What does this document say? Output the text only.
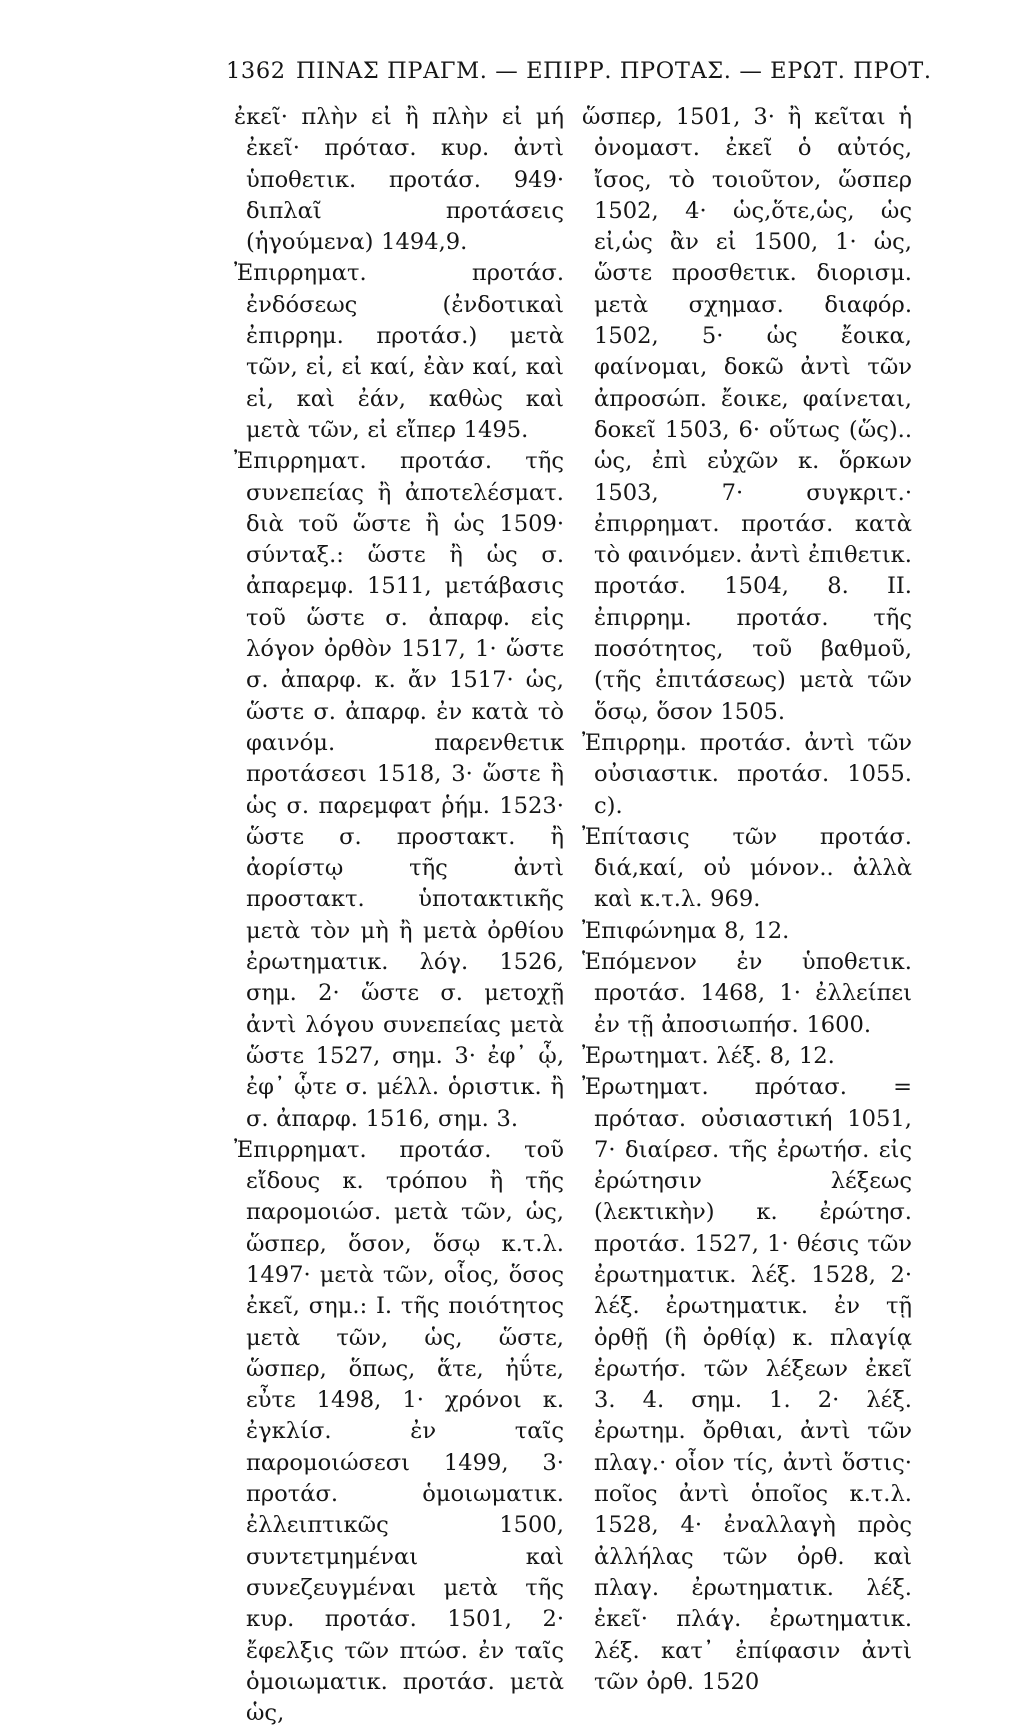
1362 ΠΙΝΑΣ ΠΡΑΓΜ. — ΕΠΙΡΡ. ΠΡΟΤΑΣ. — ΕΡΩΤ. ΠΡΟΤ.

ἐκεῖ· πλὴν εἰ ἢ πλὴν εἰ μή ἐκεῖ· πρότασ. κυρ. ἀντὶ ὑποθετικ. προτάσ. 949· διπλαῖ προτάσεις (ἡγούμενα) 1494,9.

Ἐπιρρηματ. προτάσ. ἐνδόσεως (ἐνδοτικαὶ ἐπιρρημ. προτάσ.) μετὰ τῶν, εἰ, εἰ καί, ἐὰν καί, καὶ εἰ, καὶ ἐάν, καθὼς καὶ μετὰ τῶν, εἰ εἴπερ 1495.

Ἐπιρρηματ. προτάσ. τῆς συνεπείας ἢ ἀποτελέσματ. διὰ τοῦ ὥστε ἢ ὡς 1509· σύνταξ.: ὥστε ἢ ὡς σ. ἀπαρεμφ. 1511, μετάβασις τοῦ ὥστε σ. ἀπαρφ. εἰς λόγον ὀρθὸν 1517, 1· ὥστε σ. ἀπαρφ. κ. ἄν 1517· ὡς, ὥστε σ. ἀπαρφ. ἐν κατὰ τὸ φαινόμ. παρενθετικ προτάσεσι 1518, 3· ὥστε ἢ ὡς σ. παρεμφατ ῥήμ. 1523· ὥστε σ. προστακτ. ἢ ἀορίστῳ τῆς ἀντὶ προστακτ. ὑποτακτικῆς μετὰ τὸν μὴ ἢ μετὰ ὀρθίου ἐρωτηματικ. λόγ. 1526, σημ. 2· ὥστε σ. μετοχῇ ἀντὶ λόγου συνεπείας μετὰ ὥστε 1527, σημ. 3· ἐφ᾽ ᾧ, ἐφ᾽ ᾧτε σ. μέλλ. ὁριστικ. ἢ σ. ἀπαρφ. 1516, σημ. 3.

Ἐπιρρηματ. προτάσ. τοῦ εἴδους κ. τρόπου ἢ τῆς παρομοιώσ. μετὰ τῶν, ὡς, ὥσπερ, ὅσον, ὅσῳ κ.τ.λ. 1497· μετὰ τῶν, οἷος, ὅσος ἐκεῖ, σημ.: I. τῆς ποιότητος μετὰ τῶν, ὡς, ὥστε, ὥσπερ, ὅπως, ἅτε, ἠΰτε, εὖτε 1498, 1· χρόνοι κ. ἐγκλίσ. ἐν ταῖς παρομοιώσεσι 1499, 3· προτάσ. ὁμοιωματικ. ἐλλειπτικῶς 1500, συντετμημέναι καὶ συνεζευγμέναι μετὰ τῆς κυρ. προτάσ. 1501, 2· ἔφελξις τῶν πτώσ. ἐν ταῖς ὁμοιωματικ. προτάσ. μετὰ ὡς,

ὥσπερ, 1501, 3· ἢ κεῖται ἡ ὀνομαστ. ἐκεῖ ὁ αὐτός, ἴσος, τὸ τοιοῦτον, ὥσπερ 1502, 4· ὡς,ὅτε,ὡς, ὡς εἰ,ὡς ἂν εἰ 1500, 1· ὡς, ὥστε προσθετικ. διορισμ. μετὰ σχημασ. διαφόρ. 1502, 5· ὡς ἔοικα, φαίνομαι, δοκῶ ἀντὶ τῶν ἀπροσώπ. ἔοικε, φαίνεται, δοκεῖ 1503, 6· οὕτως (ὥς).. ὡς, ἐπὶ εὐχῶν κ. ὅρκων 1503, 7· συγκριτ.· ἐπιρρηματ. προτάσ. κατὰ τὸ φαινόμεν. ἀντὶ ἐπιθετικ. προτάσ. 1504, 8. II. ἐπιρρημ. προτάσ. τῆς ποσότητος, τοῦ βαθμοῦ, (τῆς ἐπιτάσεως) μετὰ τῶν ὅσῳ, ὅσον 1505.

Ἐπιρρημ. προτάσ. ἀντὶ τῶν οὐσιαστικ. προτάσ. 1055. c).

Ἐπίτασις τῶν προτάσ. διά,καί, οὐ μόνον.. ἀλλὰ καὶ κ.τ.λ. 969.

Ἐπιφώνημα 8, 12.

Ἑπόμενον ἐν ὑποθετικ. προτάσ. 1468, 1· ἐλλείπει ἐν τῇ ἀποσιωπήσ. 1600.

Ἐρωτηματ. λέξ. 8, 12.

Ἐρωτηματ. πρότασ. = πρότασ. οὐσιαστική 1051, 7· διαίρεσ. τῆς ἐρωτήσ. εἰς ἐρώτησιν λέξεως (λεκτικὴν) κ. ἐρώτησ. προτάσ. 1527, 1· θέσις τῶν ἐρωτηματικ. λέξ. 1528, 2· λέξ. ἐρωτηματικ. ἐν τῇ ὀρθῇ (ἢ ὀρθίᾳ) κ. πλαγίᾳ ἐρωτήσ. τῶν λέξεων ἐκεῖ 3. 4. σημ. 1. 2· λέξ. ἐρωτημ. ὄρθιαι, ἀντὶ τῶν πλαγ.· οἷον τίς, ἀντὶ ὅστις· ποῖος ἀντὶ ὁποῖος κ.τ.λ. 1528, 4· ἐναλλαγὴ πρὸς ἀλλήλας τῶν ὀρθ. καὶ πλαγ. ἐρωτηματικ. λέξ. ἐκεῖ· πλάγ. ἐρωτηματικ. λέξ. κατ᾽ ἐπίφασιν ἀντὶ τῶν ὀρθ. 1520
